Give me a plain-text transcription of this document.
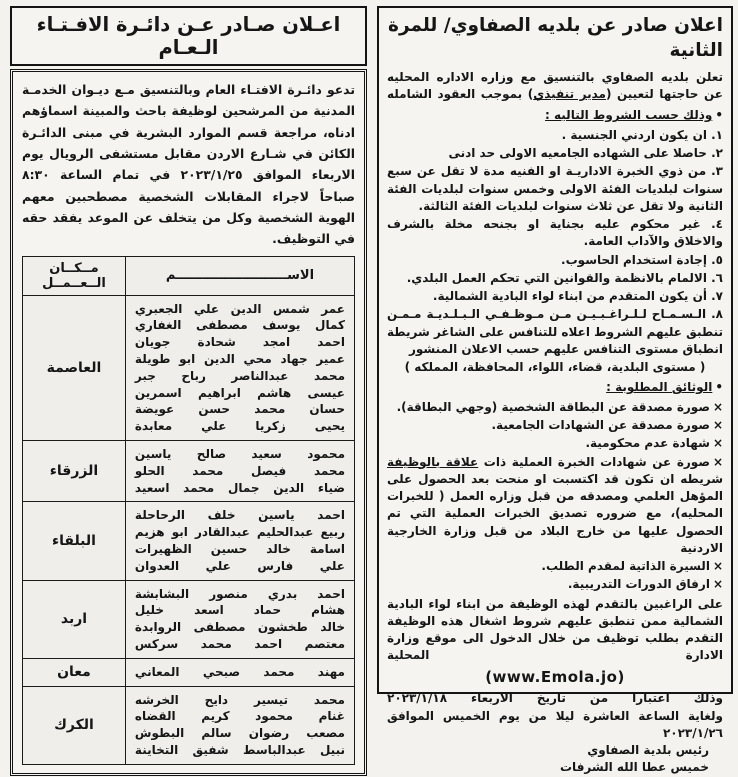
اعلان صادر عن بلديه الصفاوي/ للمرة الثانية

تعلن بلديه الصفاوي بالتنسيق مع وزاره الاداره المحليه عن حاجتها لتعيين (مدير تنفيذي) بموجب العقود الشامله

•وذلك حسب الشروط التاليه :
١. ان يكون اردني الجنسية .
٢. حاصلا على الشهاده الجامعيه الاولى حد ادنى
٣. من ذوي الخبرة الاداريـة او الفنيه مدة لا تقل عن سبع سنوات لبلديات الفئة الاولى وخمس سنوات لبلديات الفئة الثانية ولا تقل عن ثلاث سنوات لبلديات الفئة الثالثة.
٤. غير محكوم عليه بجناية او بجنحه مخلة بالشرف والاخلاق والآداب العامة.
٥. إجادة استخدام الحاسوب.
٦. الالمام بالانظمة والقوانين التي تحكم العمل البلدي.
٧. أن يكون المتقدم من ابناء لواء البادية الشمالية.
٨. الـسـمـاح لـلـراغـبـيـن مـن مـوظـفـي الـبـلـديـة مـمـن تنطبق عليهم الشروط اعلاه للتنافس على الشاغر شريطة انطباق مستوى التنافس عليهم حسب الاعلان المنشور
( مستوى البلدية، قضاء، اللواء، المحافظة، المملكه )
•الوثائق المطلوبة :
×صورة مصدقة عن البطاقة الشخصية (وجهي البطاقة).
×صورة مصدقة عن الشهادات الجامعية.
×شهادة عدم محكومية.
×صورة عن شهادات الخبرة العملية ذات علاقة بالوظيفة شريطه ان تكون قد اكتسبت او منحت بعد الحصول على المؤهل العلمي ومصدقه من قبل وزاره العمل ( للخبرات المحليه)، مع ضروره تصديق الخبرات العملية التي تم الحصول عليها من خارج البلاد من قبل وزارة الخارجية الاردنية
×السيرة الذاتية لمقدم الطلب.
×ارفاق الدورات التدريبية.

على الراغبين بالتقدم لهذه الوظيفة من ابناء لواء البادية الشمالية ممن تنطبق عليهم شروط اشغال هذه الوظيفة التقدم بطلب توظيف من خلال الدخول الى موقع وزارة الادارة المحلية

(www.Emola.jo)

وذلك اعتبارا من تاريخ الاربعاء ٢٠٢٣/١/١٨

ولغاية الساعة العاشرة ليلا من يوم الخميس الموافق ٢٠٢٣/١/٢٦

رئيس بلدية الصفاوي

خميس عطا الله الشرفات

اعـلان صـادر عـن دائـرة الافـتـاء الـعـام

تدعو دائـرة الافتـاء العام وبالتنسيق مـع ديـوان الخدمـة المدنية من المرشحين لوظيفة باحث والمبينة اسماؤهم ادناه، مراجعة قسم الموارد البشرية في مبنى الدائـرة الكائن في شـارع الاردن مقابل مستشفى الرويال يوم الاربعاء الموافق ٢٠٢٣/١/٢٥ في تمام الساعة ٨:٣٠ صباحاً لاجراء المقابلات الشخصية مصطحبين معهم الهوية الشخصية وكل من يتخلف عن الموعد يفقد حقه في التوظيف.

الاســـــــــــــــــــــــــم	مــكــان الــعــمــل

عمر شمس الدين علي الجعبري
كمال يوسف مصطفى الغفاري
احمد امجد شحادة جويان
عمير جهاد محي الدين ابو طويلة
محمد عبدالناصر رباح جبر
عيسى هاشم ابراهيم اسمرين
حسان محمد حسن عويضة
يحيى زكريا علي معابدة
	العاصمة

محمود سعيد صالح ياسين
محمد فيصل محمد الحلو
ضياء الدين جمال محمد اسعيد	الزرقاء

احمد ياسين خلف الرحاحلة
ربيع عبدالحليم عبدالقادر ابو هزيم
اسامة خالد حسين الظهيرات
علي فارس علي العدوان	البلقاء

احمد بدري منصور البشابشة
هشام حماد اسعد خليل
خالد طخشون مصطفى الروابدة
معتصم احمد محمد سركس	اربد

مهند محمد صبحي المعاني	معان

محمد تيسير دايح الخرشه
غنام محمود كريم القضاه
مصعب رضوان سالم البطوش
نبيل عبدالباسط شفيق التخاينة	الكرك
